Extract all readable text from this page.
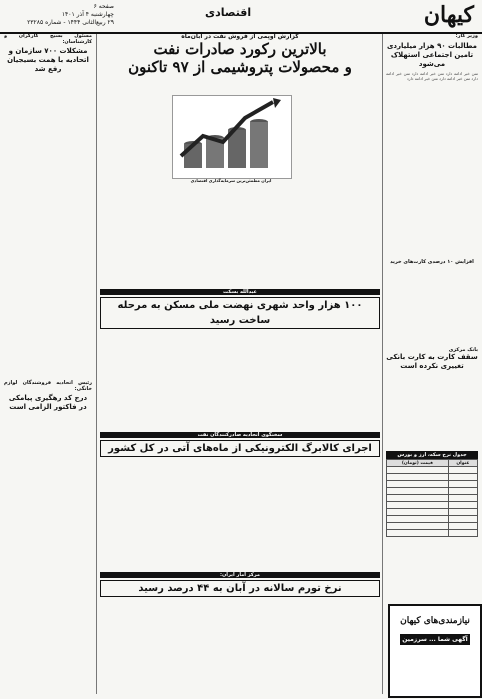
کیهان
اقتصادی
صفحه ۶
چهارشنبه ۴ آذر ۱۴۰۱
۲۹ ربیع‌الثانی ۱۴۴۴ - شماره ۲۳۲۸۵
وزیر کار:
مطالبات ۹۰ هزار میلیاردی تامین اجتماعی استهلاک می‌شود
متن خبر ادامه دارد متن خبر ادامه دارد متن خبر ادامه دارد متن خبر ادامه دارد متن خبر ادامه دارد
افزایش ۱۰ درصدی کارت‌های خرید
بانک مرکزی
سقف کارت به کارت بانکی تغییری نکرده است
جدول نرخ سکه، ارز و بورس
عنوان	قیمت (تومان)

مسئول بسیج کارگران و کارشناسان:
مشکلات ۷۰۰ سازمان و اتحادیه با همت بسیجیان رفع شد
رئیس اتحادیه فروشندگان لوازم خانگی:
درج کد رهگیری پیامکی در فاکتور الزامی است
گزارش اوپمی از فروش نفت در آبان‌ماه
بالاترین رکورد صادرات نفت
و محصولات پتروشیمی از ۹۷ تاکنون
ایران مطمئن‌ترین سرمایه‌گذاری اقتصادی
عبدالله بسکت
۱۰۰ هزار واحد شهری نهضت ملی مسکن به مرحله ساخت رسید
سخنگوی اتحادیه صادرکنندگان نفت
اجرای کالابرگ الکترونیکی از ماه‌های آتی در کل کشور
مرکز آمار ایران:
نرخ تورم سالانه در آبان به ۴۴ درصد رسید
نیازمندی‌های کیهان
آگهی شما ... سرزمین
